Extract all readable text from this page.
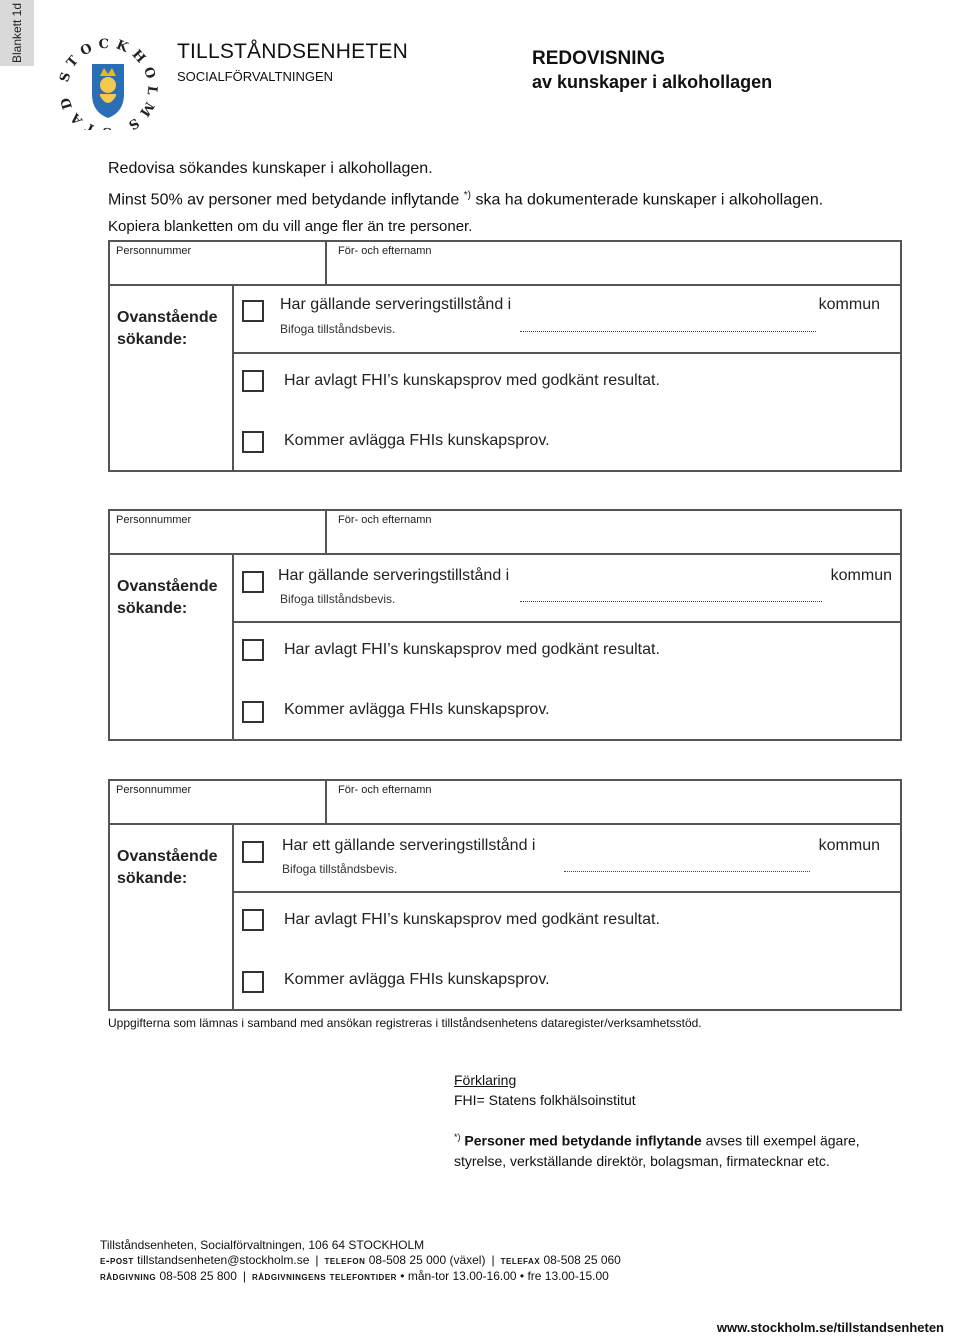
Blankett 1d
STOCKHOLMS TAD
TILLSTÅNDSENHETEN
SOCIALFÖRVALTNINGEN
REDOVISNING
av kunskaper i alkohollagen
Redovisa sökandes kunskaper i alkohollagen.
Minst 50% av personer med betydande inflytande *) ska ha dokumenterade kunskaper i alkohollagen.
Kopiera blanketten om du vill ange fler än tre personer.
Personnummer	För- och efternamn
Ovanstående
sökande:
Har gällande serveringstillstånd i
Bifoga tillståndsbevis.
kommun
Har avlagt FHI’s kunskapsprov med godkänt resultat.
Kommer avlägga FHIs kunskapsprov.
Personnummer	För- och efternamn
Ovanstående
sökande:
Har gällande serveringstillstånd i
Bifoga tillståndsbevis.
kommun
Har avlagt FHI’s kunskapsprov med godkänt resultat.
Kommer avlägga FHIs kunskapsprov.
Personnummer	För- och efternamn
Ovanstående
sökande:
Har ett gällande serveringstillstånd i
Bifoga tillståndsbevis.
kommun
Har avlagt FHI’s kunskapsprov med godkänt resultat.
Kommer avlägga FHIs kunskapsprov.
Uppgifterna som lämnas i samband med ansökan registreras i tillståndsenhetens dataregister/verksamhetsstöd.
Förklaring
FHI= Statens folkhälsoinstitut
*) Personer med betydande inflytande avses till exempel ägare,
styrelse, verkställande direktör, bolagsman, firmatecknar etc.
Tillståndsenheten, Socialförvaltningen, 106 64 STOCKHOLM
e-post tillstandsenheten@stockholm.se | telefon 08-508 25 000 (växel) | telefax 08-508 25 060
rådgivning 08-508 25 800 | rådgivningens telefontider • mån-tor 13.00-16.00 • fre 13.00-15.00
www.stockholm.se/tillstandsenheten
